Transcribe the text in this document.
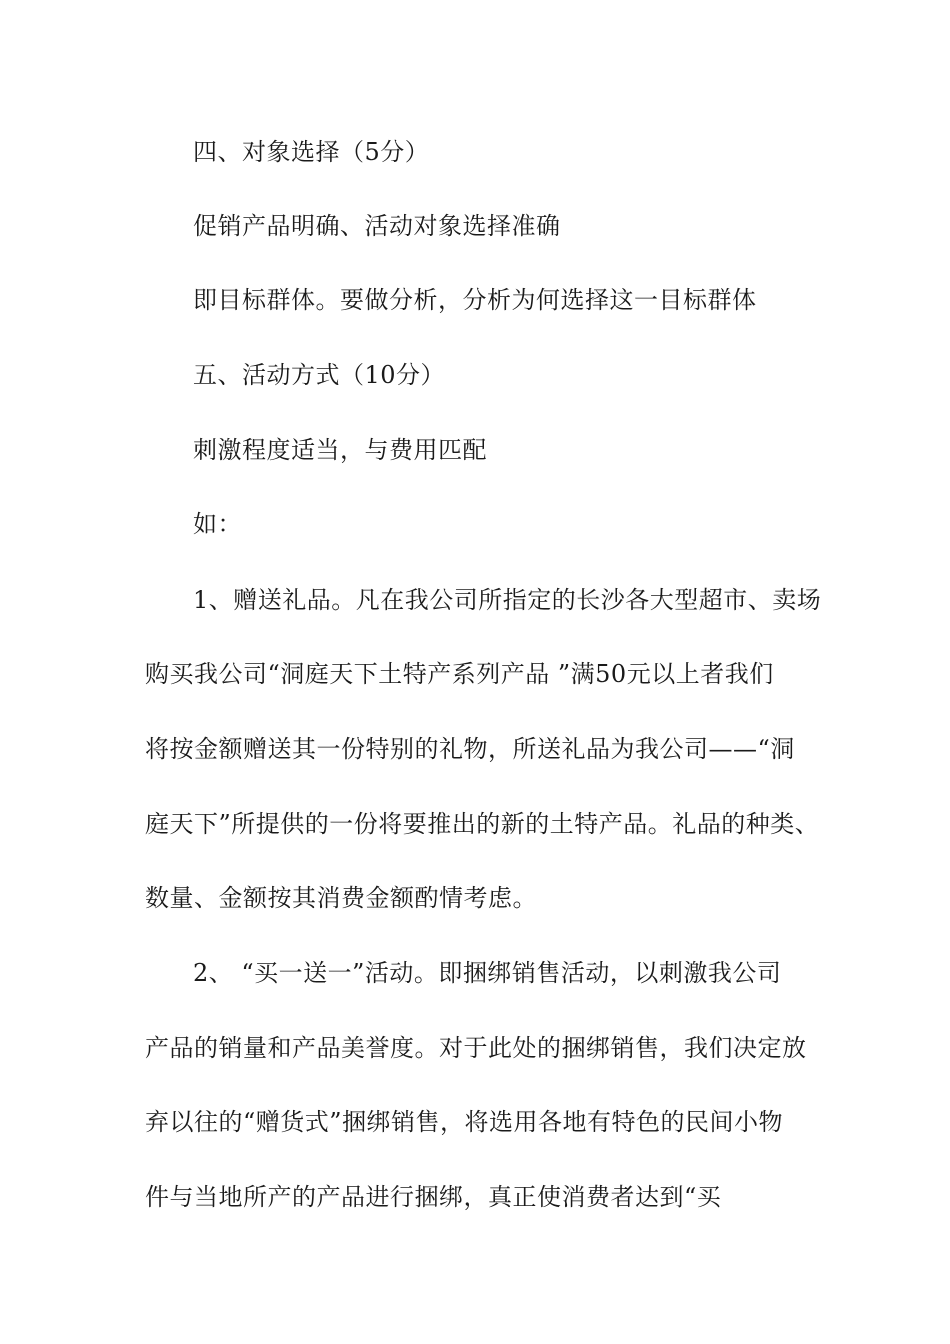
四、对象选择（5分）
促销产品明确、活动对象选择准确
即目标群体。要做分析，分析为何选择这一目标群体
五、活动方式（10分）
刺激程度适当，与费用匹配
如：
1、赠送礼品。凡在我公司所指定的长沙各大型超市、卖场
购买我公司“洞庭天下土特产系列产品 ”满50元以上者我们
将按金额赠送其一份特别的礼物，所送礼品为我公司——“洞
庭天下”所提供的一份将要推出的新的土特产品。礼品的种类、
数量、金额按其消费金额酌情考虑。
2、 “买一送一”活动。即捆绑销售活动，以刺激我公司
产品的销量和产品美誉度。对于此处的捆绑销售，我们决定放
弃以往的“赠货式”捆绑销售，将选用各地有特色的民间小物
件与当地所产的产品进行捆绑，真正使消费者达到“买
